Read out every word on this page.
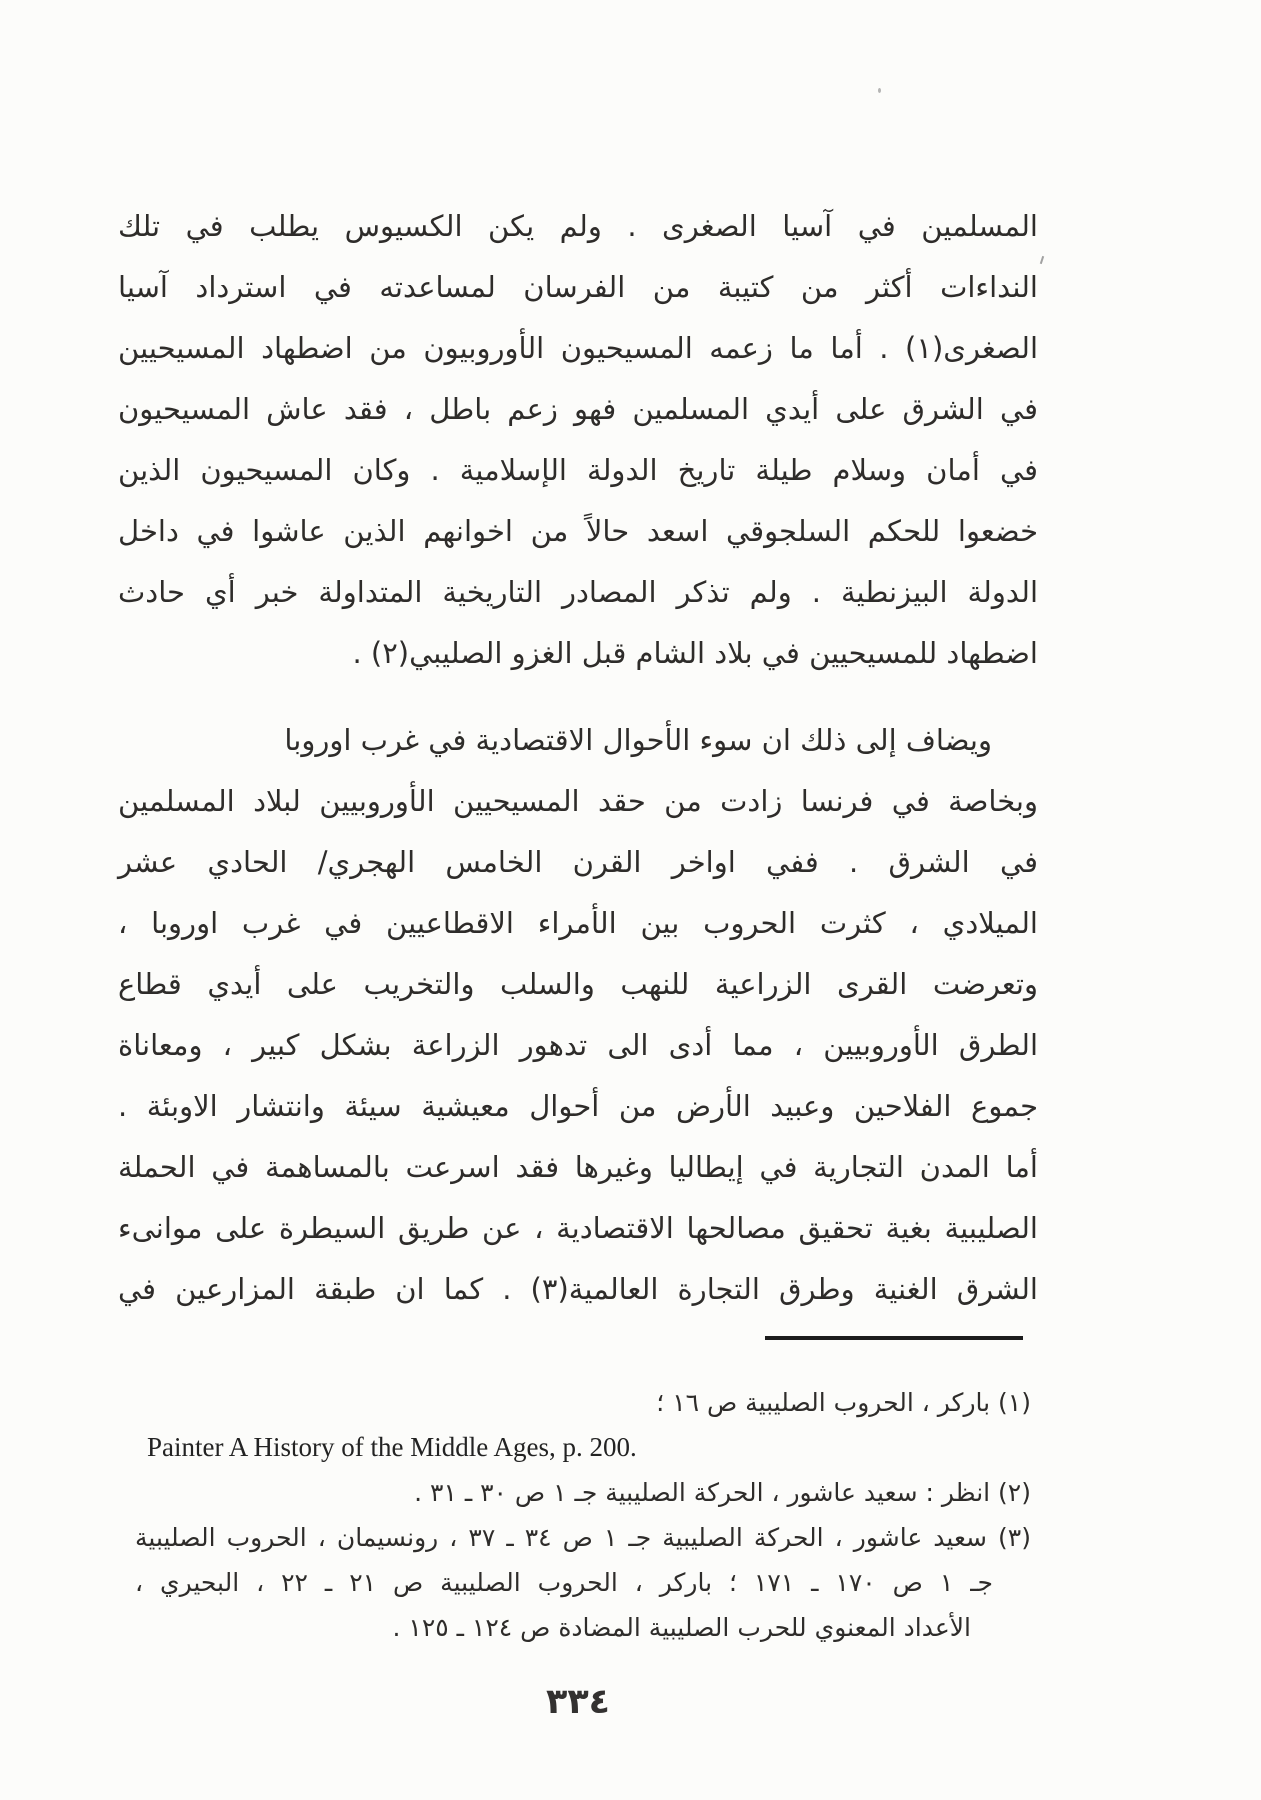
المسلمين في آسيا الصغرى . ولم يكن الكسيوس يطلب في تلك
النداءات أكثر من كتيبة من الفرسان لمساعدته في استرداد آسيا
الصغرى(١) . أما ما زعمه المسيحيون الأوروبيون من اضطهاد المسيحيين
في الشرق على أيدي المسلمين فهو زعم باطل ، فقد عاش المسيحيون
في أمان وسلام طيلة تاريخ الدولة الإسلامية . وكان المسيحيون الذين
خضعوا للحكم السلجوقي اسعد حالاً من اخوانهم الذين عاشوا في داخل
الدولة البيزنطية . ولم تذكر المصادر التاريخية المتداولة خبر أي حادث
اضطهاد للمسيحيين في بلاد الشام قبل الغزو الصليبي(٢) .
ويضاف إلى ذلك ان سوء الأحوال الاقتصادية في غرب اوروبا
وبخاصة في فرنسا زادت من حقد المسيحيين الأوروبيين لبلاد المسلمين
في الشرق . ففي اواخر القرن الخامس الهجري/ الحادي عشر
الميلادي ، كثرت الحروب بين الأمراء الاقطاعيين في غرب اوروبا ،
وتعرضت القرى الزراعية للنهب والسلب والتخريب على أيدي قطاع
الطرق الأوروبيين ، مما أدى الى تدهور الزراعة بشكل كبير ، ومعاناة
جموع الفلاحين وعبيد الأرض من أحوال معيشية سيئة وانتشار الاوبئة .
أما المدن التجارية في إيطاليا وغيرها فقد اسرعت بالمساهمة في الحملة
الصليبية بغية تحقيق مصالحها الاقتصادية ، عن طريق السيطرة على موانىء
الشرق الغنية وطرق التجارة العالمية(٣) . كما ان طبقة المزارعين في
(١) باركر ، الحروب الصليبية ص ١٦ ؛
Painter A History of the Middle Ages, p. 200.
(٢) انظر : سعيد عاشور ، الحركة الصليبية جـ ١ ص ٣٠ ـ ٣١ .
(٣) سعيد عاشور ، الحركة الصليبية جـ ١ ص ٣٤ ـ ٣٧ ، رونسيمان ، الحروب الصليبية
جـ ١ ص ١٧٠ ـ ١٧١ ؛ باركر ، الحروب الصليبية ص ٢١ ـ ٢٢ ، البحيري ،
الأعداد المعنوي للحرب الصليبية المضادة ص ١٢٤ ـ ١٢٥ .
٣٣٤
